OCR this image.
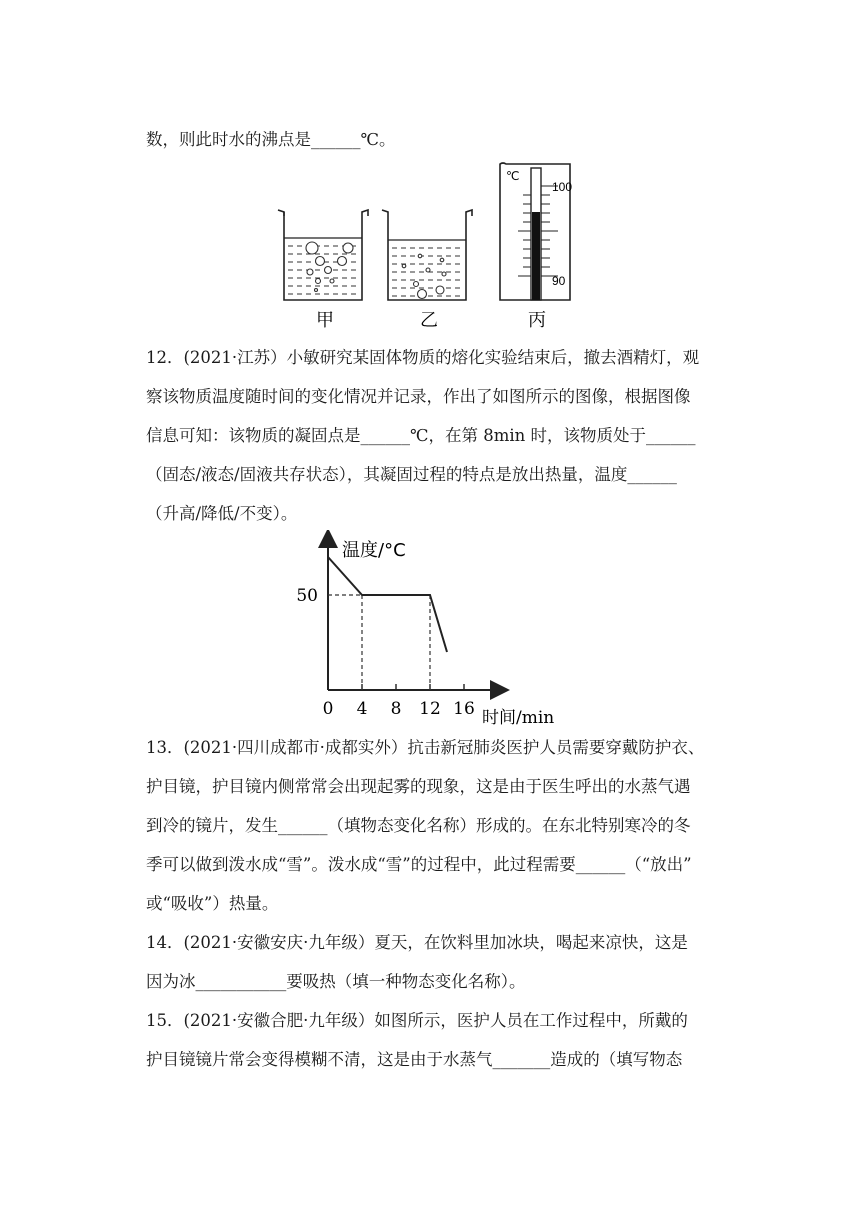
数，则此时水的沸点是______℃。
℃
100
90
甲	乙	丙
12．(2021·江苏）小敏研究某固体物质的熔化实验结束后，撤去酒精灯，观
察该物质温度随时间的变化情况并记录，作出了如图所示的图像，根据图像
信息可知：该物质的凝固点是______℃，在第 8min 时，该物质处于______
（固态/液态/固液共存状态），其凝固过程的特点是放出热量，温度______
（升高/降低/不变）。
0 4 8 12 16
50
温度/°C
时间/min
13．(2021·四川成都市·成都实外）抗击新冠肺炎医护人员需要穿戴防护衣、
护目镜，护目镜内侧常常会出现起雾的现象，这是由于医生呼出的水蒸气遇
到冷的镜片，发生______（填物态变化名称）形成的。在东北特别寒冷的冬
季可以做到泼水成“雪”。泼水成“雪”的过程中，此过程需要______（“放出”
或“吸收”）热量。
14．(2021·安徽安庆·九年级）夏天，在饮料里加冰块，喝起来凉快，这是
因为冰___________要吸热（填一种物态变化名称）。
15．(2021·安徽合肥·九年级）如图所示，医护人员在工作过程中，所戴的
护目镜镜片常会变得模糊不清，这是由于水蒸气_______造成的（填写物态
